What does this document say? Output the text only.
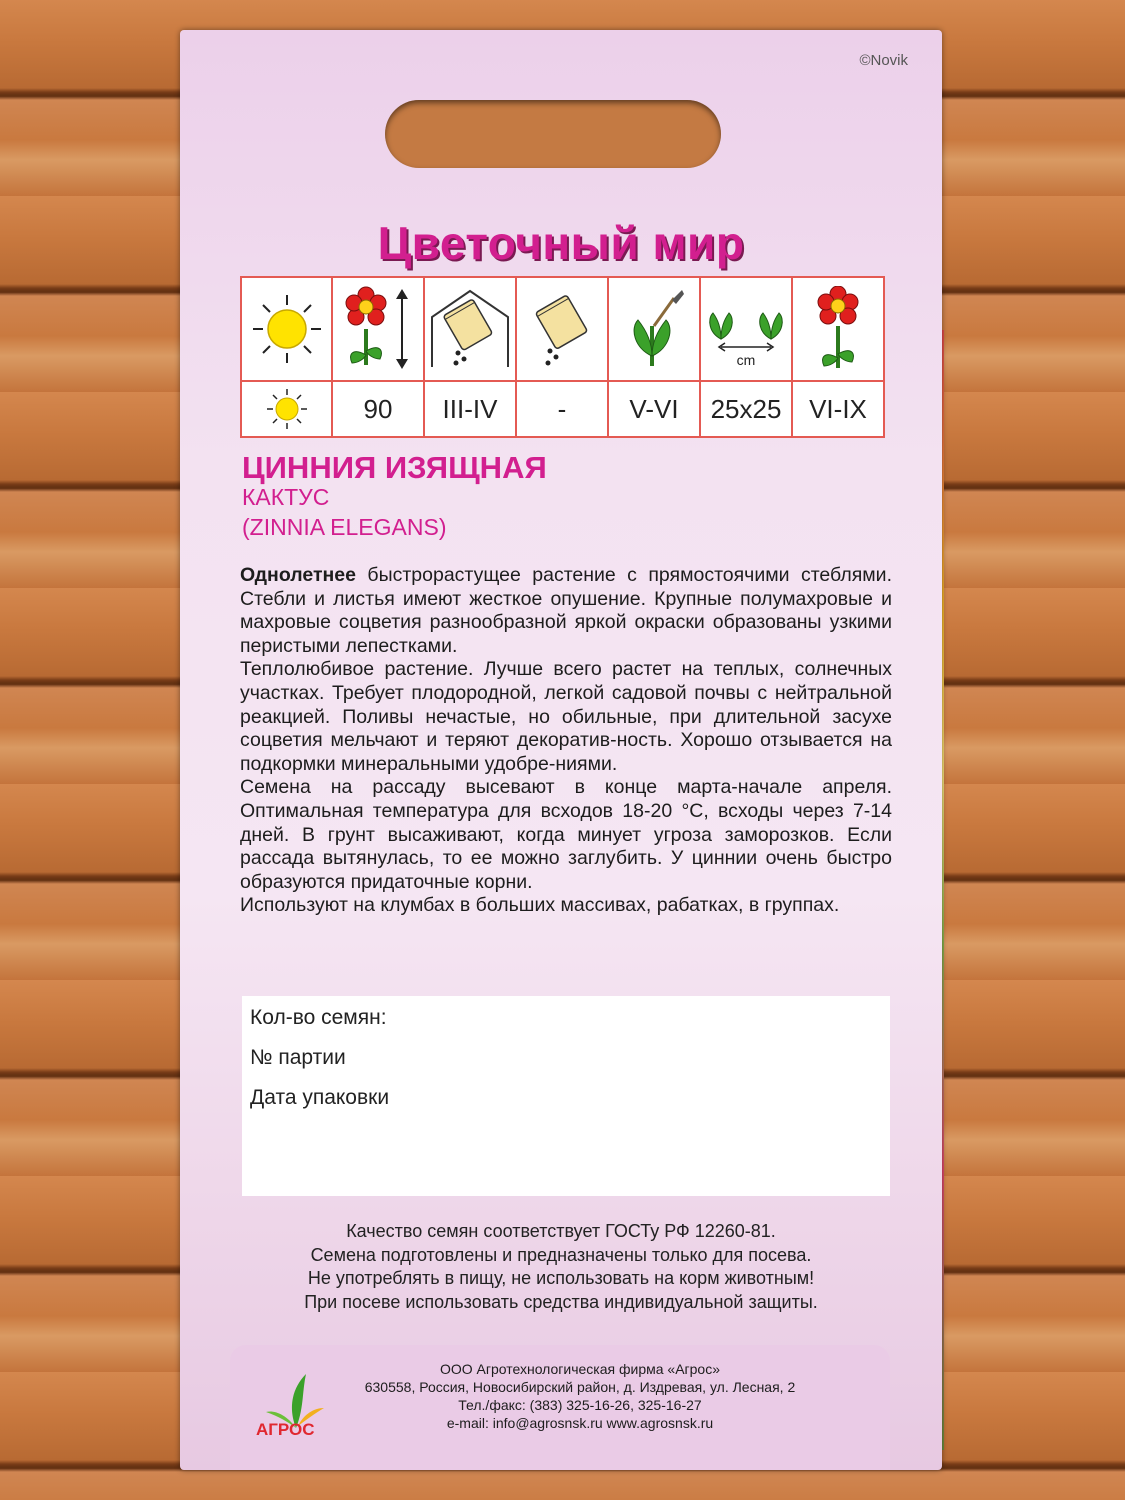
©Novik
Цветочный мир

cm

	90	III-IV	-	V-VI	25x25	VI-IX
ЦИННИЯ ИЗЯЩНАЯ
КАКТУС
(ZINNIA ELEGANS)

Однолетнее быстрорастущее растение с прямостоячими стеблями. Стебли и листья имеют жесткое опушение. Крупные полумахровые и махровые соцветия разнообразной яркой окраски образованы узкими перистыми лепестками.

Теплолюбивое растение. Лучше всего растет на теплых, солнечных участках. Требует плодородной, легкой садовой почвы с нейтральной реакцией. Поливы нечастые, но обильные, при длительной засухе соцветия мельчают и теряют декоратив-ность. Хорошо отзывается на подкормки минеральными удобре-ниями.

Семена на рассаду высевают в конце марта-начале апреля. Оптимальная температура для всходов 18-20 °С, всходы через 7-14 дней. В грунт высаживают, когда минует угроза заморозков. Если рассада вытянулась, то ее можно заглубить. У циннии очень быстро образуются придаточные корни.

Используют на клумбах в больших массивах, рабатках, в группах.

Кол-во семян:
№ партии
Дата упаковки
Качество семян соответствует ГОСТу РФ 12260-81.
Семена подготовлены и предназначены только для посева.
Не употреблять в пищу, не использовать на корм животным!
При посеве использовать средства индивидуальной защиты.
АГРОС
ООО Агротехнологическая фирма «Агрос»
630558, Россия, Новосибирский район, д. Издревая, ул. Лесная, 2
Тел./факс: (383) 325-16-26, 325-16-27
e-mail: info@agrosnsk.ru www.agrosnsk.ru
